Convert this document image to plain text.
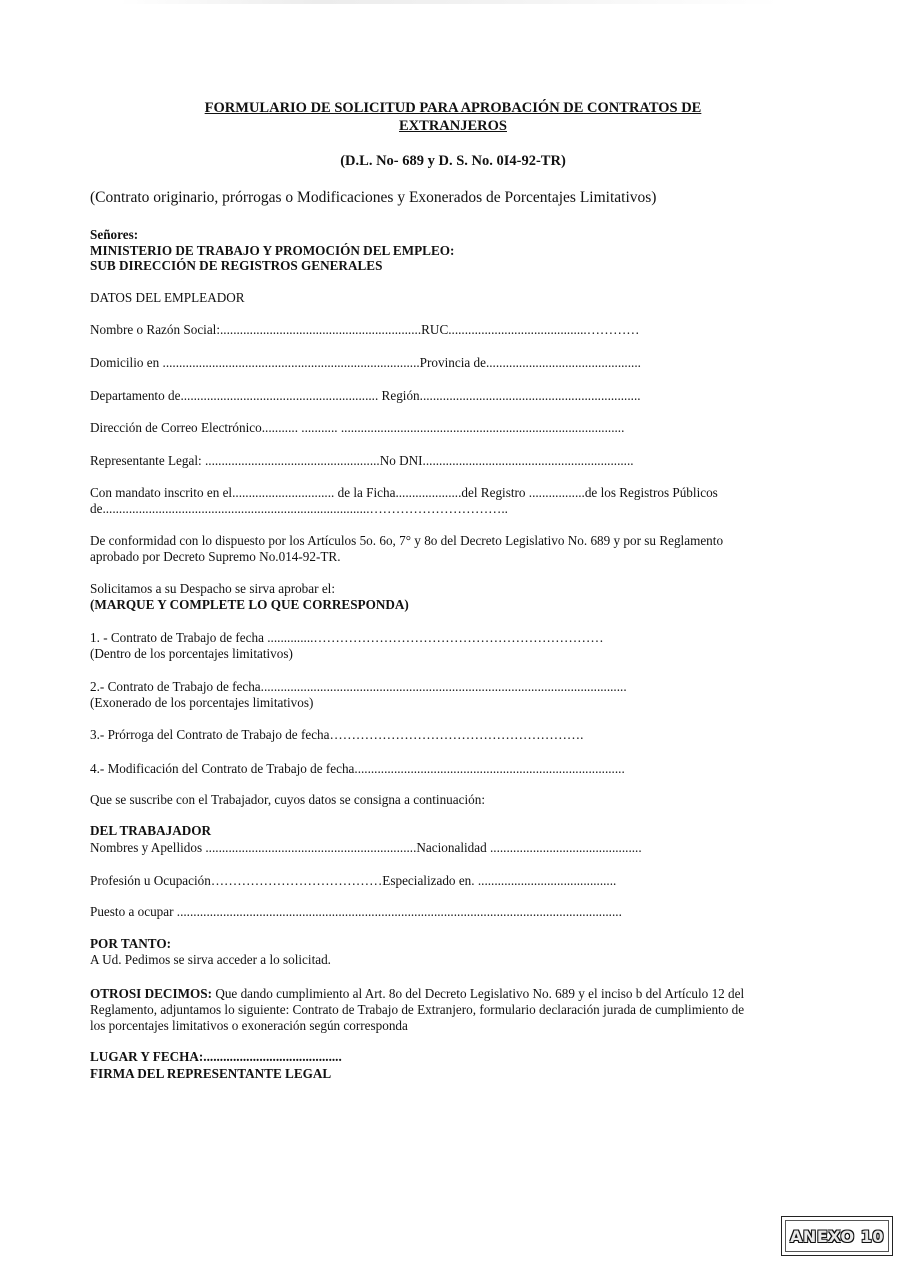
FORMULARIO DE SOLICITUD PARA APROBACIÓN DE CONTRATOS DE
EXTRANJEROS
(D.L. No- 689 y D. S. No. 0I4-92-TR)
(Contrato originario, prórrogas o Modificaciones y Exonerados de Porcentajes Limitativos)
Señores:
MINISTERIO DE TRABAJO Y PROMOCIÓN DEL EMPLEO:
SUB DIRECCIÓN DE REGISTROS GENERALES
DATOS DEL EMPLEADOR
Nombre o Razón Social:.............................................................RUC..........................................…………
Domicilio en ..............................................................................Provincia de...............................................
Departamento de............................................................ Región...................................................................
Dirección de Correo Electrónico........... ........... ......................................................................................
Representante Legal: .....................................................No DNI................................................................
Con mandato inscrito en el............................... de la Ficha....................del Registro .................de los Registros Públicos
de.................................................................................…………………………..
De conformidad con lo dispuesto por los Artículos 5o. 6o, 7° y 8o del Decreto Legislativo No. 689 y por su Reglamento
aprobado por Decreto Supremo No.014-92-TR.
Solicitamos a su Despacho se sirva aprobar el:
(MARQUE Y COMPLETE LO QUE CORRESPONDA)
1. - Contrato de Trabajo de fecha ..............…………………………………………………………
(Dentro de los porcentajes limitativos)
2.- Contrato de Trabajo de fecha...............................................................................................................
(Exonerado de los porcentajes limitativos)
3.- Prórroga del Contrato de Trabajo de fecha………………………………………………….
4.- Modificación del Contrato de Trabajo de fecha..................................................................................
Que se suscribe con el Trabajador, cuyos datos se consigna a continuación:
DEL TRABAJADOR
Nombres y Apellidos ................................................................Nacionalidad ..............................................
Profesión u Ocupación…………………………………Especializado en. ..........................................
Puesto a ocupar .......................................................................................................................................
POR TANTO:
A Ud. Pedimos se sirva acceder a lo solicitad.
OTROSI DECIMOS: Que dando cumplimiento al Art. 8o del Decreto Legislativo No. 689 y el inciso b del Artículo 12 del
Reglamento, adjuntamos lo siguiente: Contrato de Trabajo de Extranjero, formulario declaración jurada de cumplimiento de
los porcentajes limitativos o exoneración según corresponda
LUGAR Y FECHA:..........................................
FIRMA DEL REPRESENTANTE LEGAL
ANEXO 10
